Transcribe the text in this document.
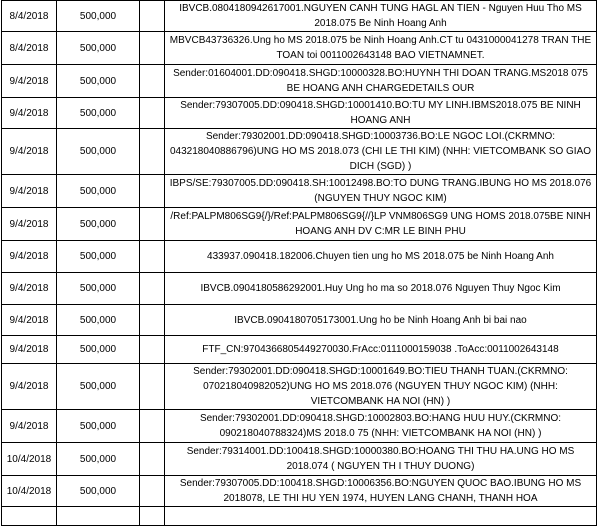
8/4/2018	500,000		IBVCB.0804180942617001.NGUYEN CANH TUNG HAGL AN TIEN - Nguyen Huu Tho MS 2018.075 Be Ninh Hoang Anh
8/4/2018	500,000		MBVCB43736326.Ung ho MS 2018.075 be Ninh Hoang Anh.CT tu 0431000041278 TRAN THE TOAN toi 0011002643148 BAO VIETNAMNET.
9/4/2018	500,000		Sender:01604001.DD:090418.SHGD:10000328.BO:HUYNH THI DOAN TRANG.MS2018 075 BE HOANG ANH CHARGEDETAILS OUR
9/4/2018	500,000		Sender:79307005.DD:090418.SHGD:10001410.BO:TU MY LINH.IBMS2018.075 BE NINH HOANG ANH
9/4/2018	500,000		Sender:79302001.DD:090418.SHGD:10003736.BO:LE NGOC LOI.(CKRMNO: 043218040886796)UNG HO MS 2018.073 (CHI LE THI KIM) (NHH: VIETCOMBANK SO GIAO DICH (SGD) )
9/4/2018	500,000		IBPS/SE:79307005.DD:090418.SH:10012498.BO:TO DUNG TRANG.IBUNG HO MS 2018.076 (NGUYEN THUY NGOC KIM)
9/4/2018	500,000		/Ref:PALPM806SG9{/}/Ref:PALPM806SG9{//}LP VNM806SG9 UNG HOMS 2018.075BE NINH HOANG ANH DV C:MR LE BINH PHU
9/4/2018	500,000		433937.090418.182006.Chuyen tien ung ho MS 2018.075 be Ninh Hoang Anh
9/4/2018	500,000		IBVCB.0904180586292001.Huy Ung ho ma so 2018.076 Nguyen Thuy Ngoc Kim
9/4/2018	500,000		IBVCB.0904180705173001.Ung ho be Ninh Hoang Anh bi bai nao
9/4/2018	500,000		FTF_CN:9704366805449270030.FrAcc:011100015903​8 .ToAcc:0011002643148
9/4/2018	500,000		Sender:79302001.DD:090418.SHGD:10001649.BO:TIEU THANH TUAN.(CKRMNO: 070218040982052)UNG HO MS 2018.076 (NGUYEN THUY NGOC KIM) (NHH: VIETCOMBANK HA NOI (HN) )
9/4/2018	500,000		Sender:79302001.DD:090418.SHGD:10002803.BO:HANG HUU HUY.(CKRMNO: 090218040788324)MS 2018.0 75 (NHH: VIETCOMBANK HA NOI (HN) )
10/4/2018	500,000		Sender:79314001.DD:100418.SHGD:10000380.BO:HOANG THI THU HA.UNG HO MS 2018.074 ( NGUYEN TH I THUY DUONG)
10/4/2018	500,000		Sender:79307005.DD:100418.SHGD:10006356.BO:NGUYEN QUOC BAO.IBUNG HO MS 2018078, LE THI HU YEN 1974, HUYEN LANG CHANH, THANH HOA
